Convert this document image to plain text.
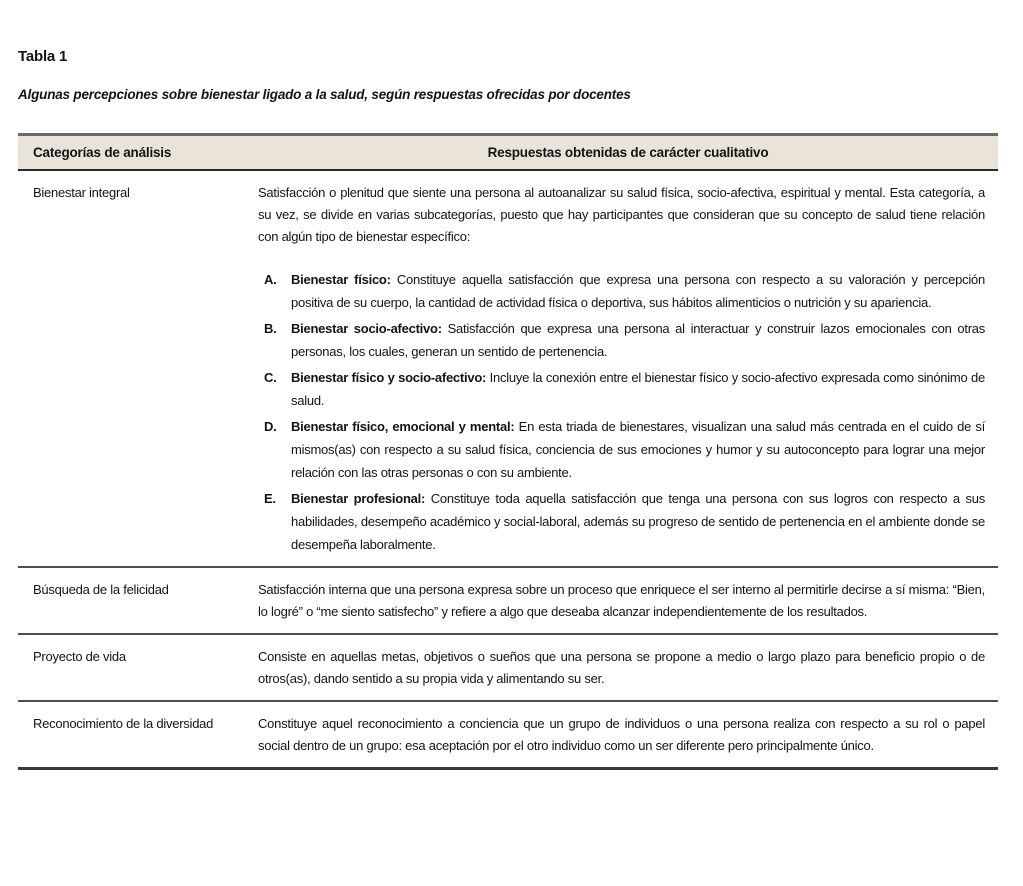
Tabla 1
Algunas percepciones sobre bienestar ligado a la salud, según respuestas ofrecidas por docentes
Categorías de análisis	Respuestas obtenidas de carácter cualitativo
Bienestar integral	Satisfacción o plenitud que siente una persona al autoanalizar su salud física, socio-afectiva, espiritual y mental. Esta categoría, a su vez, se divide en varias subcategorías, puesto que hay participantes que consideran que su concepto de salud tiene relación con algún tipo de bienestar específico:

A.	Bienestar físico: Constituye aquella satisfacción que expresa una persona con respecto a su valoración y percepción positiva de su cuerpo, la cantidad de actividad física o deportiva, sus hábitos alimenticios o nutrición y su apariencia.
B.	Bienestar socio-afectivo: Satisfacción que expresa una persona al interactuar y construir lazos emocionales con otras personas, los cuales, generan un sentido de pertenencia.
C.	Bienestar físico y socio-afectivo: Incluye la conexión entre el bienestar físico y socio-afectivo expresada como sinónimo de salud.
D.	Bienestar físico, emocional y mental: En esta triada de bienestares, visualizan una salud más centrada en el cuido de sí mismos(as) con respecto a su salud física, conciencia de sus emociones y humor y su autoconcepto para lograr una mejor relación con las otras personas o con su ambiente.
E.	Bienestar profesional: Constituye toda aquella satisfacción que tenga una persona con sus logros con respecto a sus habilidades, desempeño académico y social-laboral, además su progreso de sentido de pertenencia en el ambiente donde se desempeña laboralmente.
Búsqueda de la felicidad	Satisfacción interna que una persona expresa sobre un proceso que enriquece el ser interno al permitirle decirse a sí misma: “Bien, lo logré” o “me siento satisfecho” y refiere a algo que deseaba alcanzar independientemente de los resultados.

Proyecto de vida	Consiste en aquellas metas, objetivos o sueños que una persona se propone a medio o largo plazo para beneficio propio o de otros(as), dando sentido a su propia vida y alimentando su ser.

Reconocimiento de la diversidad	Constituye aquel reconocimiento a conciencia que un grupo de individuos o una persona realiza con respecto a su rol o papel social dentro de un grupo: esa aceptación por el otro individuo como un ser diferente pero principalmente único.
